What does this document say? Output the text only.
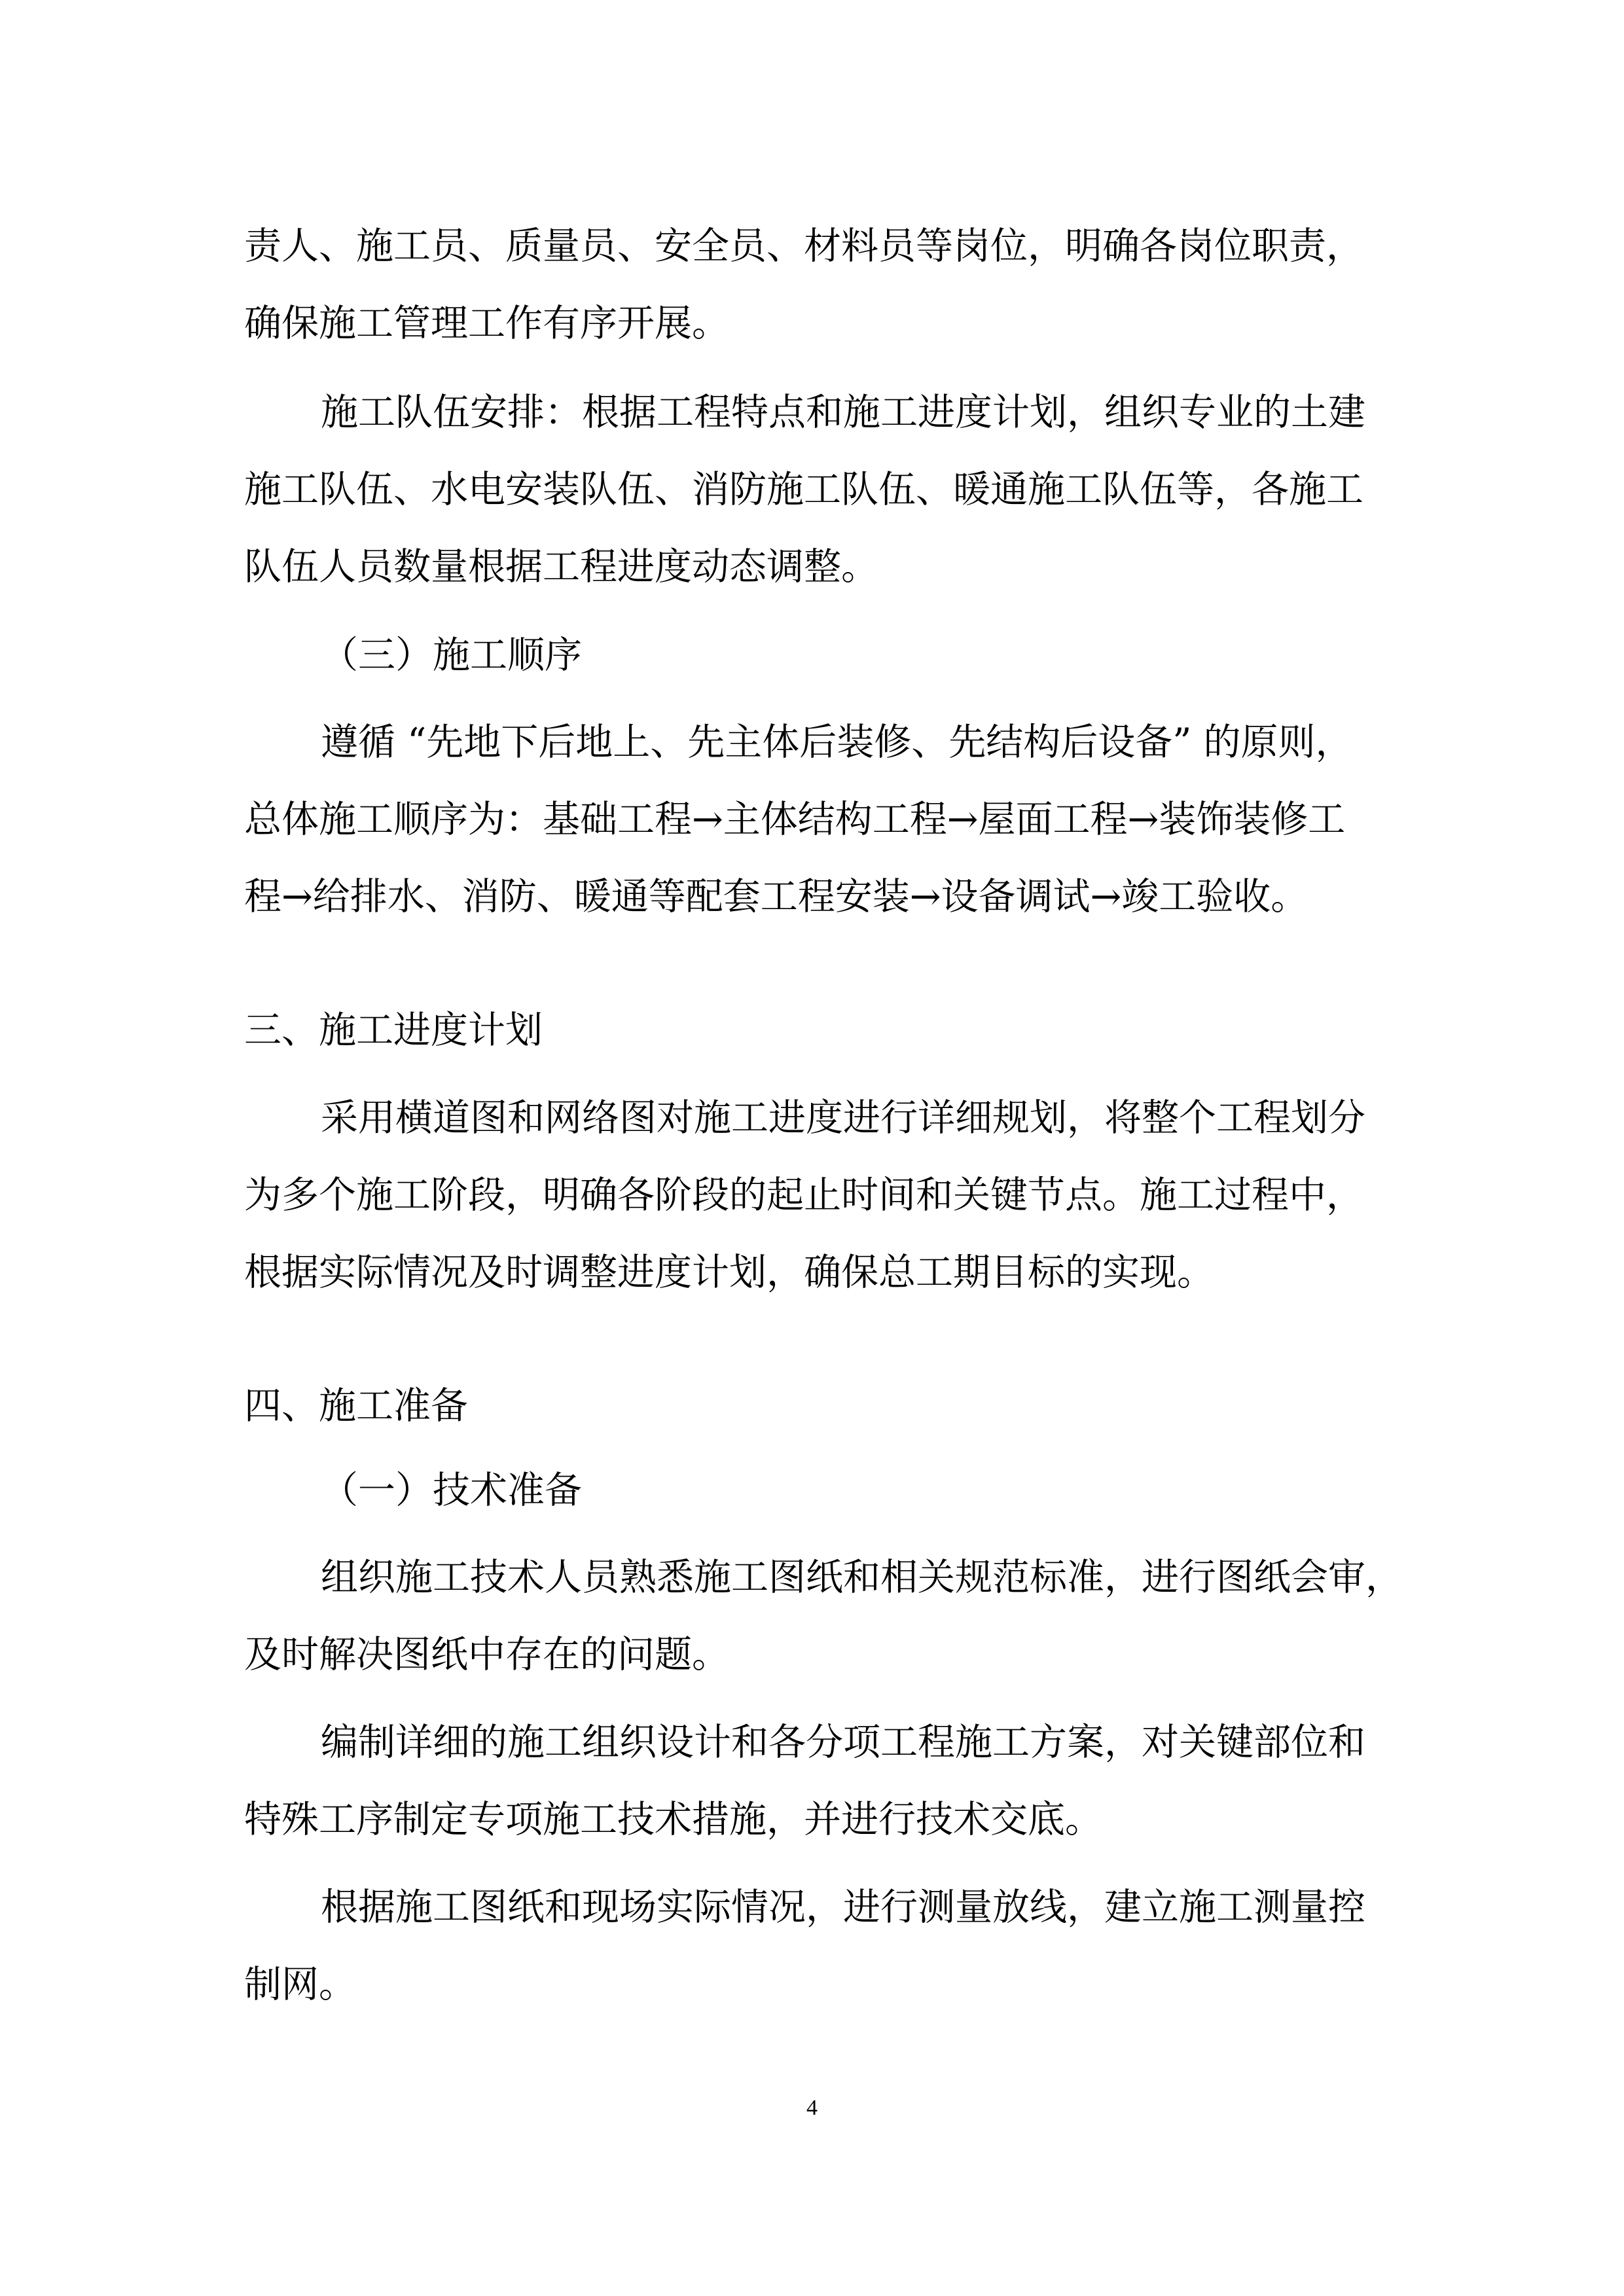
责人、施工员、质量员、安全员、材料员等岗位，明确各岗位职责，
确保施工管理工作有序开展。
施工队伍安排：根据工程特点和施工进度计划，组织专业的土建
施工队伍、水电安装队伍、消防施工队伍、暖通施工队伍等，各施工
队伍人员数量根据工程进度动态调整。
（三）施工顺序
遵循 “先地下后地上、先主体后装修、先结构后设备” 的原则，
总体施工顺序为：基础工程→主体结构工程→屋面工程→装饰装修工
程→给排水、消防、暖通等配套工程安装→设备调试→竣工验收。
三、施工进度计划
采用横道图和网络图对施工进度进行详细规划，将整个工程划分
为多个施工阶段，明确各阶段的起止时间和关键节点。施工过程中，
根据实际情况及时调整进度计划，确保总工期目标的实现。
四、施工准备
（一）技术准备
组织施工技术人员熟悉施工图纸和相关规范标准，进行图纸会审，
及时解决图纸中存在的问题。
编制详细的施工组织设计和各分项工程施工方案，对关键部位和
特殊工序制定专项施工技术措施，并进行技术交底。
根据施工图纸和现场实际情况，进行测量放线，建立施工测量控
制网。
4
